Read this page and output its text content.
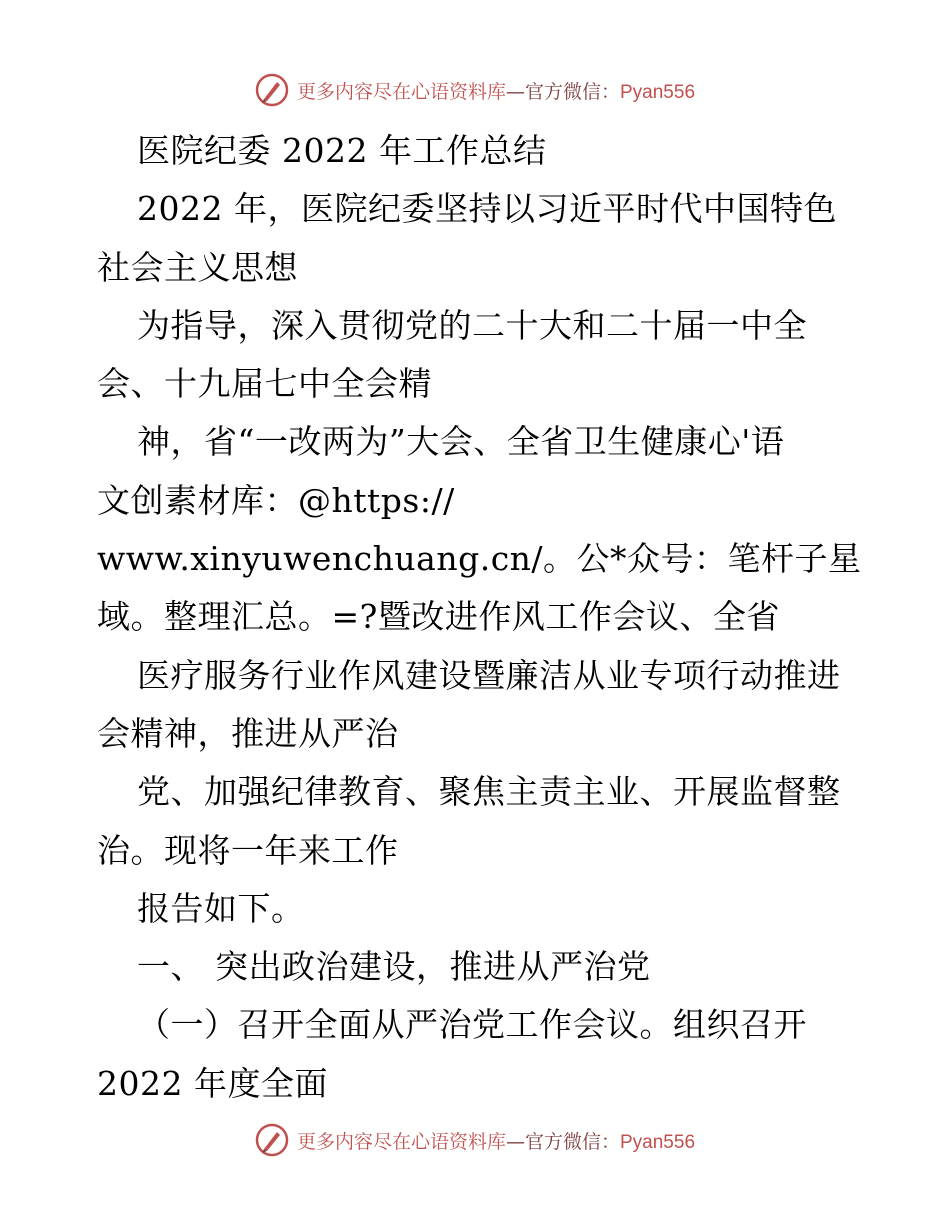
更多内容尽在心语资料库—官方微信：Pyan556
医院纪委 2022 年工作总结
2022 年，医院纪委坚持以习近平时代中国特色
社会主义思想
为指导，深入贯彻党的二十大和二十届一中全
会、十九届七中全会精
神，省“一改两为”大会、全省卫生健康心'语
文创素材库：@https://
www.xinyuwenchuang.cn/。公*众号：笔杆子星
域。整理汇总。=?暨改进作风工作会议、全省
医疗服务行业作风建设暨廉洁从业专项行动推进
会精神，推进从严治
党、加强纪律教育、聚焦主责主业、开展监督整
治。现将一年来工作
报告如下。
一、 突出政治建设，推进从严治党
（一）召开全面从严治党工作会议。组织召开
2022 年度全面
更多内容尽在心语资料库—官方微信：Pyan556
